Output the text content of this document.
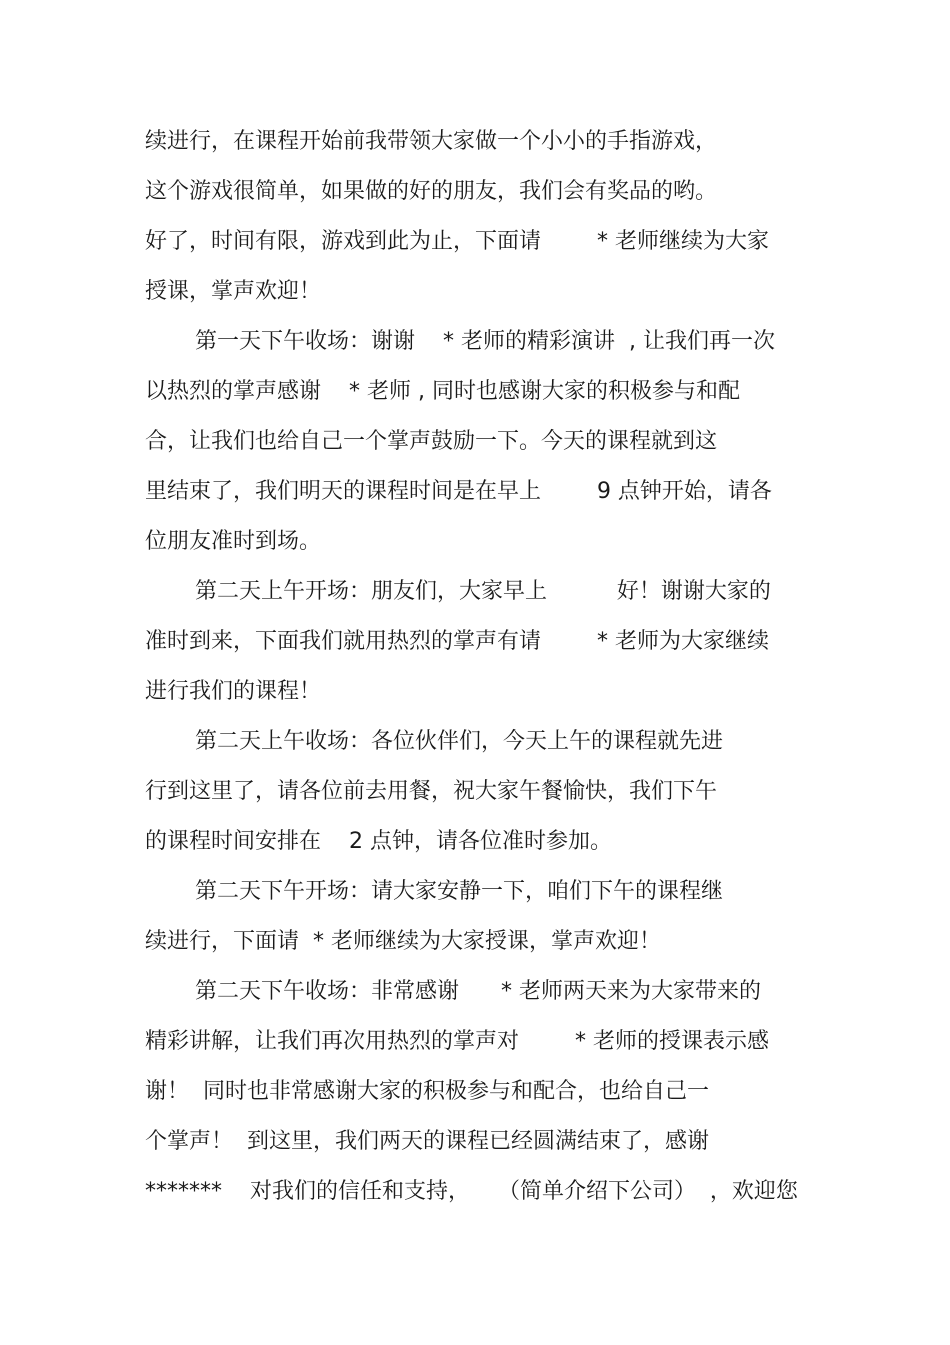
续进行，在课程开始前我带领大家做一个小小的手指游戏，
这个游戏很简单，如果做的好的朋友，我们会有奖品的哟。
好了，时间有限，游戏到此为止，下面请        * 老师继续为大家
授课，掌声欢迎！
第一天下午收场：谢谢    * 老师的精彩演讲  , 让我们再一次
以热烈的掌声感谢    * 老师 , 同时也感谢大家的积极参与和配
合，让我们也给自己一个掌声鼓励一下。今天的课程就到这
里结束了，我们明天的课程时间是在早上        9 点钟开始，请各
位朋友准时到场。
第二天上午开场：朋友们，大家早上          好！谢谢大家的
准时到来，下面我们就用热烈的掌声有请        * 老师为大家继续
进行我们的课程！
第二天上午收场：各位伙伴们，今天上午的课程就先进
行到这里了，请各位前去用餐，祝大家午餐愉快，我们下午
的课程时间安排在    2 点钟，请各位准时参加。
第二天下午开场：请大家安静一下，咱们下午的课程继
续进行，下面请  * 老师继续为大家授课，掌声欢迎！
第二天下午收场：非常感谢      * 老师两天来为大家带来的
精彩讲解，让我们再次用热烈的掌声对        * 老师的授课表示感
谢！  同时也非常感谢大家的积极参与和配合，也给自己一
个掌声！  到这里，我们两天的课程已经圆满结束了，感谢
*******    对我们的信任和支持，    （简单介绍下公司）  ，欢迎您
